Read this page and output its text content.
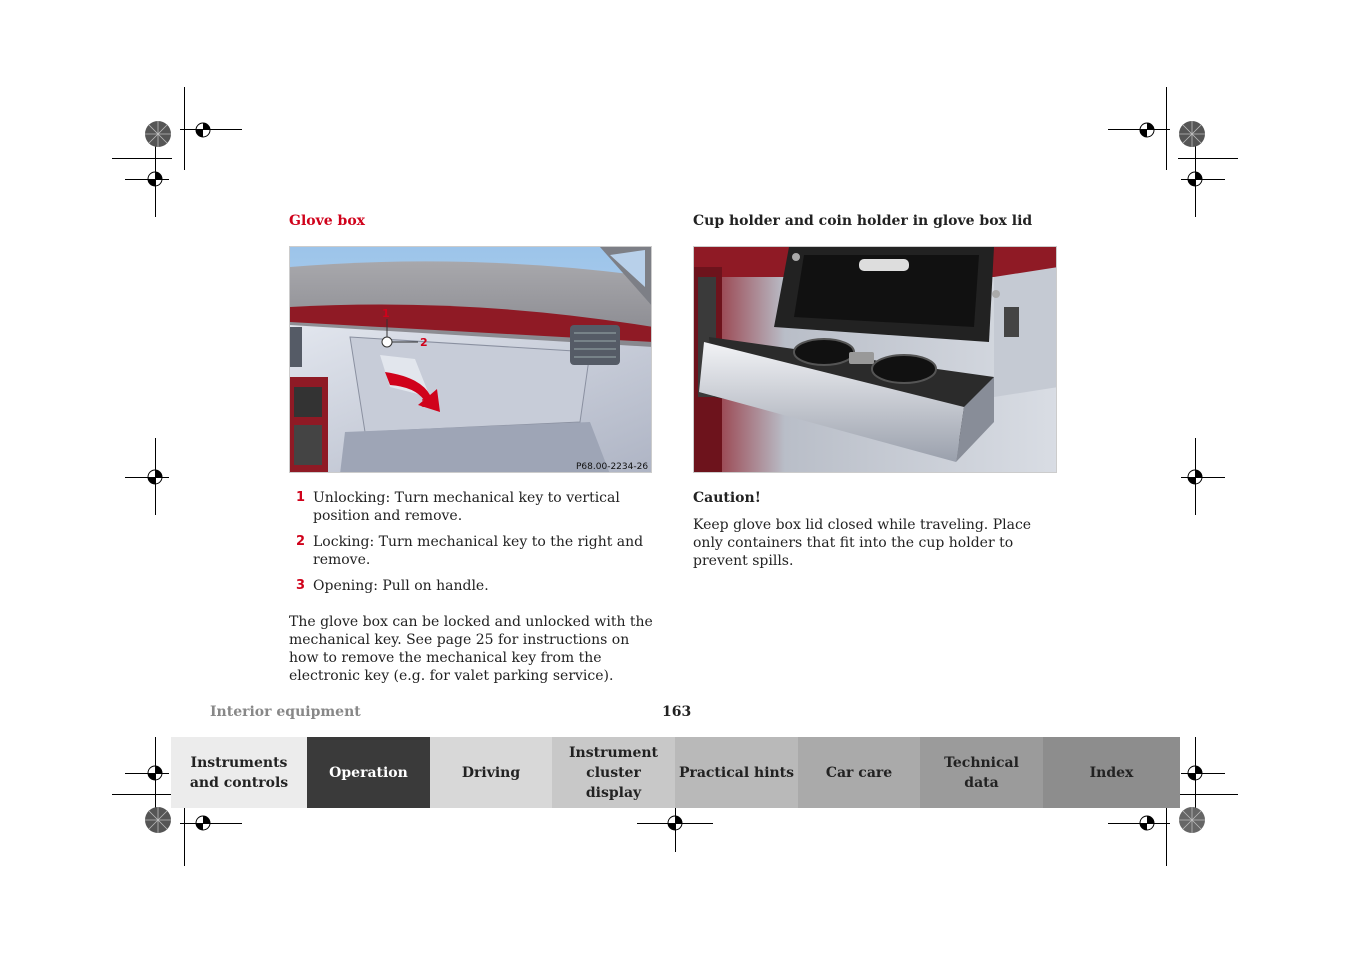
Glove box
1
2
3
P68.00-2234-26
1 Unlocking: Turn mechanical key to vertical position and remove.
2 Locking: Turn mechanical key to the right and remove.
3 Opening: Pull on handle.
The glove box can be locked and unlocked with the mechanical key. See page 25 for instructions on how to remove the mechanical key from the electronic key (e.g. for valet parking service).
Cup holder and coin holder in glove box lid
Caution!
Keep glove box lid closed while traveling. Place only containers that fit into the cup holder to prevent spills.
Interior equipment	163
Instruments and controls
Operation	Driving
Instrument cluster display
Practical hints Car care
Technical data
Index
